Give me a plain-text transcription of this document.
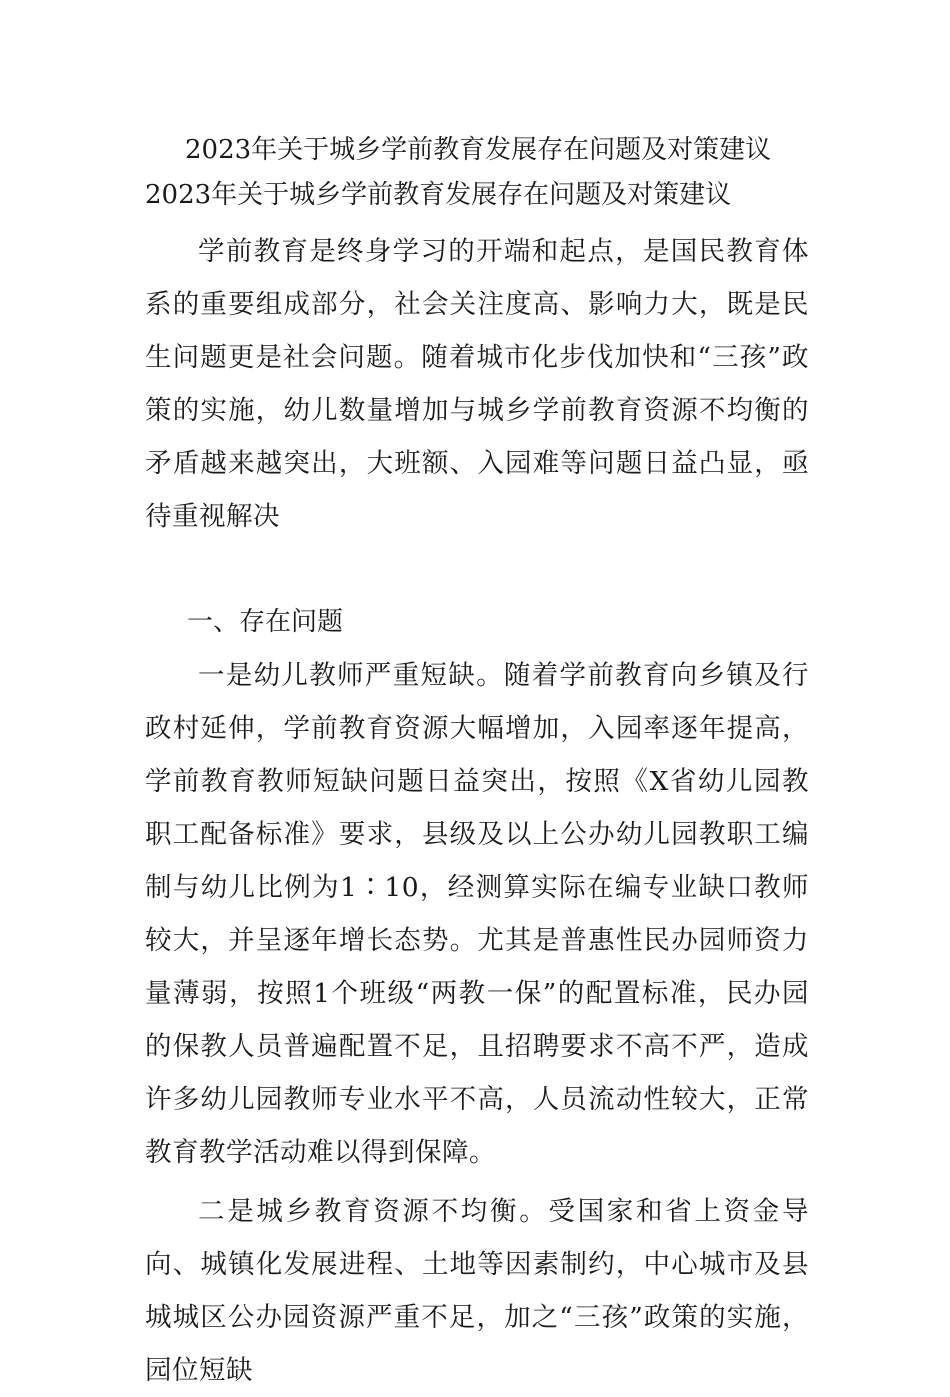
2023年关于城乡学前教育发展存在问题及对策建议

2023年关于城乡学前教育发展存在问题及对策建议

学前教育是终身学习的开端和起点，是国民教育体系的重要组成部分，社会关注度高、影响力大，既是民生问题更是社会问题。随着城市化步伐加快和“三孩”政策的实施，幼儿数量增加与城乡学前教育资源不均衡的矛盾越来越突出，大班额、入园难等问题日益凸显，亟待重视解决

一、存在问题

一是幼儿教师严重短缺。随着学前教育向乡镇及行政村延伸，学前教育资源大幅增加，入园率逐年提高，学前教育教师短缺问题日益突出，按照《X省幼儿园教职工配备标准》要求，县级及以上公办幼儿园教职工编制与幼儿比例为1∶10，经测算实际在编专业缺口教师较大，并呈逐年增长态势。尤其是普惠性民办园师资力量薄弱，按照1个班级“两教一保”的配置标准，民办园的保教人员普遍配置不足，且招聘要求不高不严，造成许多幼儿园教师专业水平不高，人员流动性较大，正常教育教学活动难以得到保障。

二是城乡教育资源不均衡。受国家和省上资金导向、城镇化发展进程、土地等因素制约，中心城市及县城城区公办园资源严重不足，加之“三孩”政策的实施，园位短缺
